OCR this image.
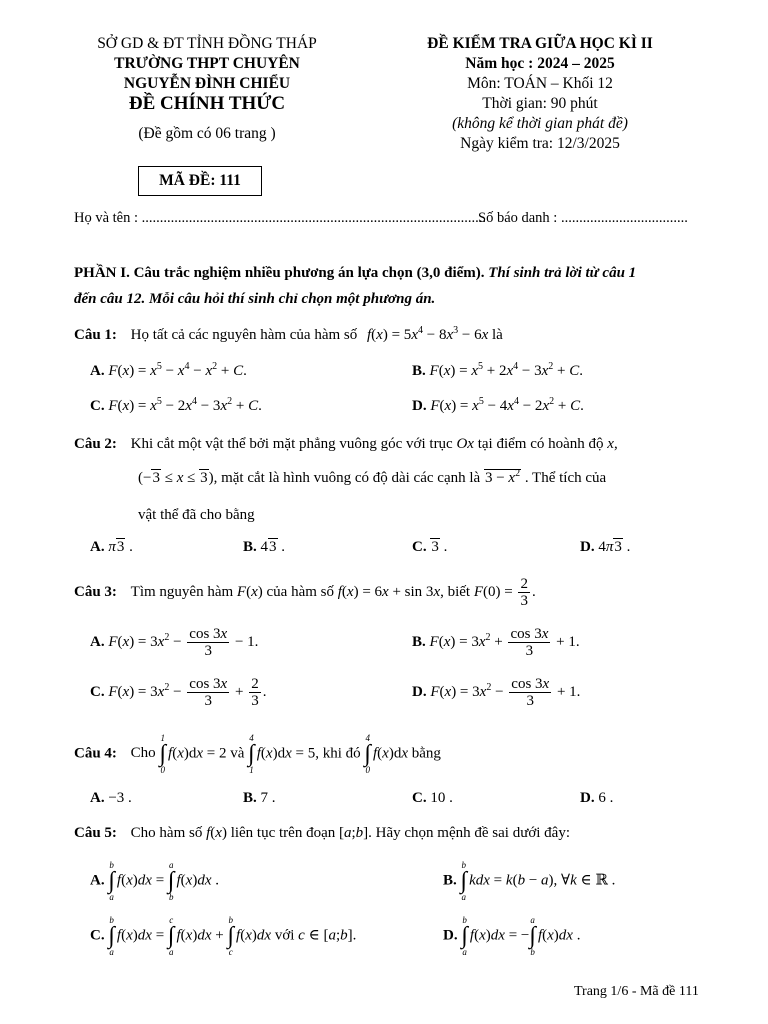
SỞ GD & ĐT TỈNH ĐỒNG THÁP
TRƯỜNG THPT CHUYÊN
NGUYỄN ĐÌNH CHIỂU
ĐỀ CHÍNH THỨC
(Đề gồm có 06 trang )
MÃ ĐỀ: 111
ĐỀ KIỂM TRA GIỮA HỌC KÌ II
Năm học : 2024 – 2025
Môn: TOÁN – Khối 12
Thời gian: 90 phút
(không kể thời gian phát đề)
Ngày kiểm tra: 12/3/2025
Họ và tên : ...............................................................................................
Số báo danh : ...................................
PHẦN I. Câu trắc nghiệm nhiều phương án lựa chọn (3,0 điểm). Thí sinh trả lời từ câu 1
đến câu 12. Mỗi câu hỏi thí sinh chỉ chọn một phương án.
Câu 1: Họ tất cả các nguyên hàm của hàm số $f(x) = 5x^4 - 8x^3 - 6x$ là
A. $F(x) = x^5 - x^4 - x^2 + C$.	B. $F(x) = x^5 + 2x^4 - 3x^2 + C$.
C. $F(x) = x^5 - 2x^4 - 3x^2 + C$.	D. $F(x) = x^5 - 4x^4 - 2x^2 + C$.
Câu 2: Khi cắt một vật thể bởi mặt phẳng vuông góc với trục Ox tại điểm có hoành độ x,
(−3 ≤ x ≤ 3), mặt cắt là hình vuông có độ dài các cạnh là $3 - x^2$ . Thể tích của
vật thể đã cho bằng
A. π3 .	B. 43 .	C. 3 .	D. 4π3 .
Câu 3: Tìm nguyên hàm F(x) của hàm số f(x) = 6x + sin 3x, biết $F(0) = \frac{2}{3}$ .
A. $F(x) = 3x^2 - \frac{\cos 3x}{3} - 1$.	B. $F(x) = 3x^2 + \frac{\cos 3x}{3} + 1$.
C. $F(x) = 3x^2 - \frac{\cos 3x}{3} + \frac{2}{3}$ .	D. $F(x) = 3x^2 - \frac{\cos 3x}{3} + 1$.
Câu 4: Cho
1
∫
0
f(x)dx = 2 và
4
∫
1
f(x)dx = 5, khi đó
4
∫
0
f(x)dx bằng
A. −3 .	B. 7 .	C. 10 .	D. 6 .
Câu 5: Cho hàm số f(x) liên tục trên đoạn [a;b]. Hãy chọn mệnh đề sai dưới đây:
A.
b
∫
a
f(x)dx =
a
∫
b
f(x)dx .	B.
b
∫
a
kdx = k(b − a), ∀k ∈ ℝ .
C.
b
∫
a
f(x)dx =
c
∫
a
f(x)dx +
b
∫
c
f(x)dx với c ∈ [a;b].	D.
b
∫
a
f(x)dx = −
a
∫
b
f(x)dx .
Trang 1/6 - Mã đề 111
